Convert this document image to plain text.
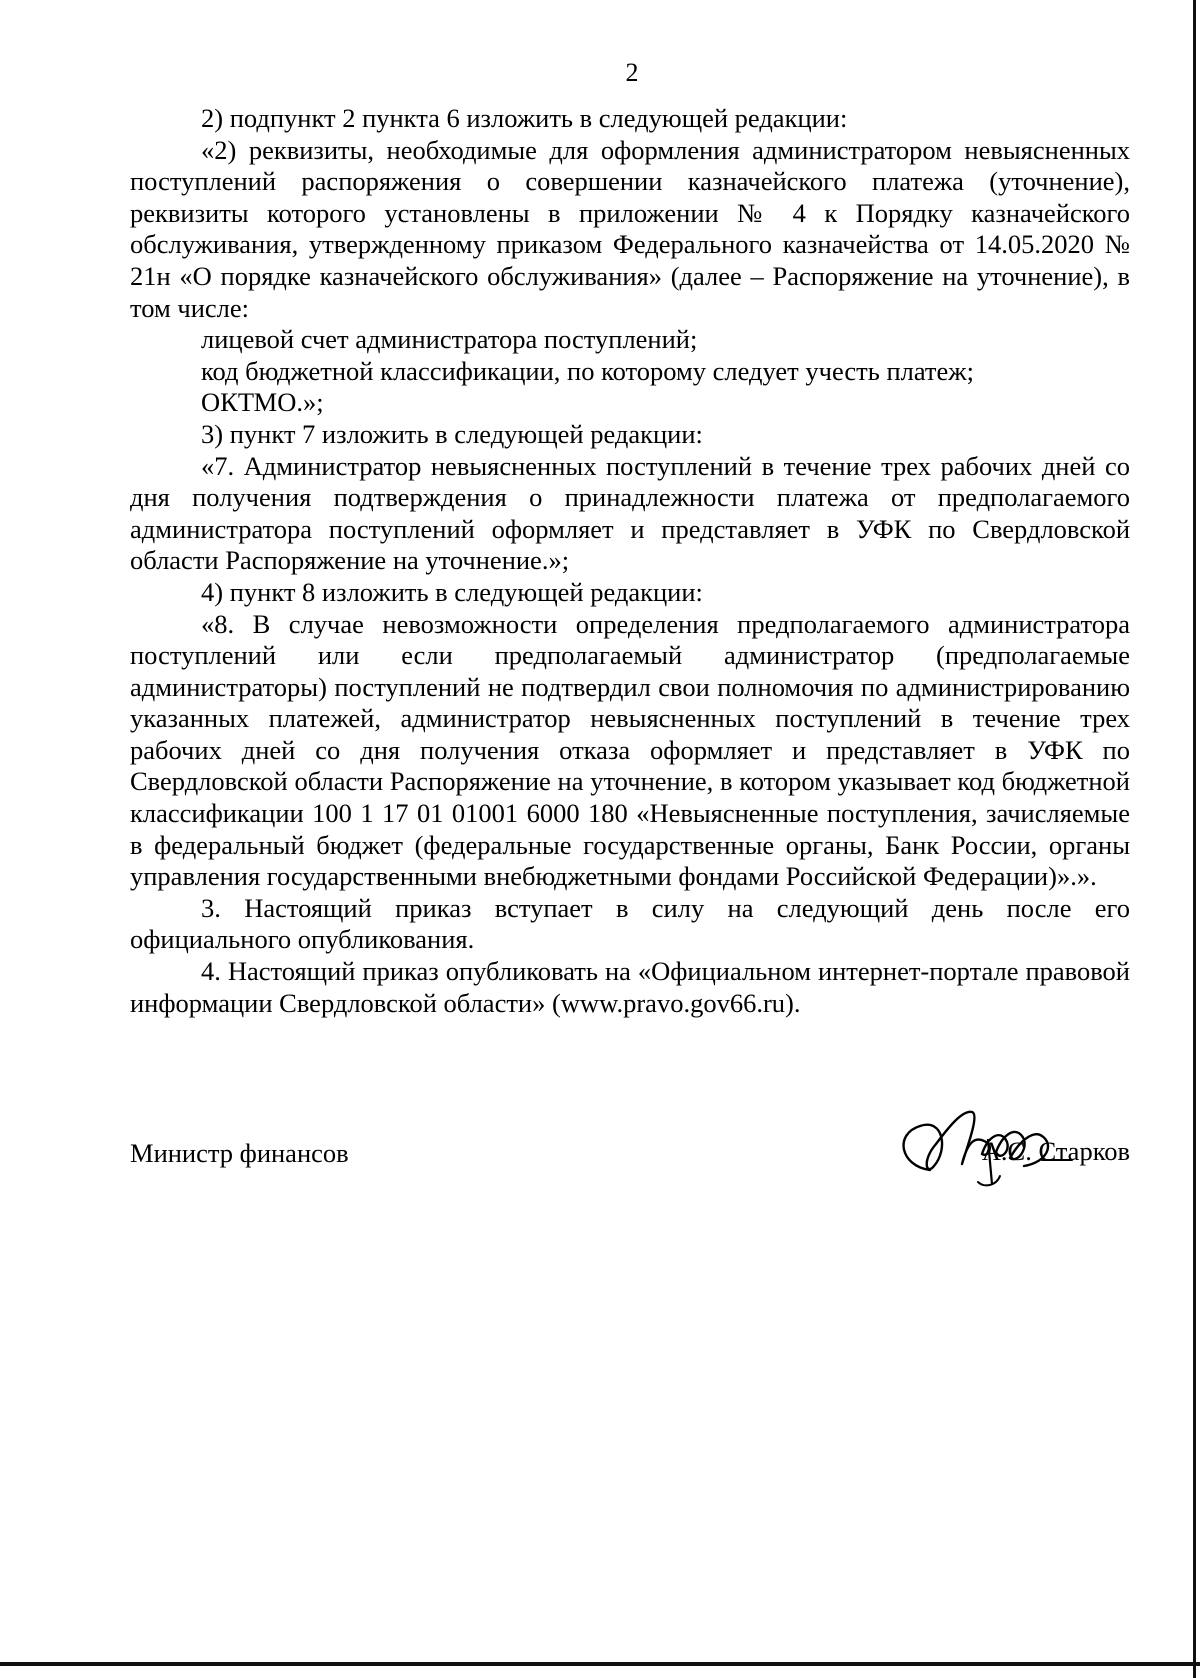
2

2) подпункт 2 пункта 6 изложить в следующей редакции:

«2) реквизиты, необходимые для оформления администратором невыясненных поступлений распоряжения о совершении казначейского платежа (уточнение), реквизиты которого установлены в приложении № 4 к Порядку казначейского обслуживания, утвержденному приказом Федерального казначейства от 14.05.2020 № 21н «О порядке казначейского обслуживания» (далее – Распоряжение на уточнение), в том числе:

лицевой счет администратора поступлений;

код бюджетной классификации, по которому следует учесть платеж;

ОКТМО.»;

3) пункт 7 изложить в следующей редакции:

«7. Администратор невыясненных поступлений в течение трех рабочих дней со дня получения подтверждения о принадлежности платежа от предполагаемого администратора поступлений оформляет и представляет в УФК по Свердловской области Распоряжение на уточнение.»;

4) пункт 8 изложить в следующей редакции:

«8. В случае невозможности определения предполагаемого администратора поступлений или если предполагаемый администратор (предполагаемые администраторы) поступлений не подтвердил свои полномочия по администрированию указанных платежей, администратор невыясненных поступлений в течение трех рабочих дней со дня получения отказа оформляет и представляет в УФК по Свердловской области Распоряжение на уточнение, в котором указывает код бюджетной классификации 100 1 17 01 01001 6000 180 «Невыясненные поступления, зачисляемые в федеральный бюджет (федеральные государственные органы, Банк России, органы управления государственными внебюджетными фондами Российской Федерации)».».

3. Настоящий приказ вступает в силу на следующий день после его официального опубликования.

4. Настоящий приказ опубликовать на «Официальном интернет-портале правовой информации Свердловской области» (www.pravo.gov66.ru).

Министр финансов	А.С. Старков
